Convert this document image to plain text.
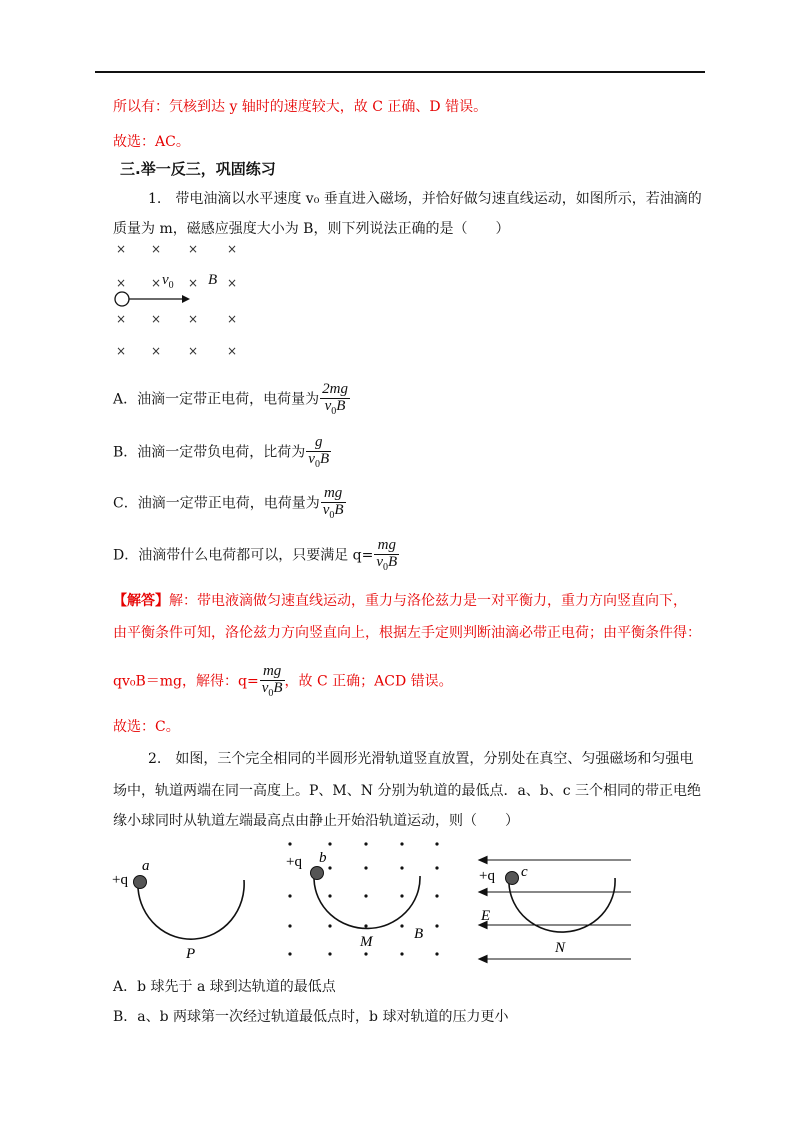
所以有：氕核到达 y 轴时的速度较大，故 C 正确、D 错误。
故选：AC。
三.举一反三，巩固练习
1.　带电油滴以水平速度 v₀ 垂直进入磁场，并恰好做匀速直线运动，如图所示，若油滴的
质量为 m，磁感应强度大小为 B，则下列说法正确的是（　　）
× × × ×
× × $v_0 \times B$ ×
× × × ×
× × × ×
A．油滴一定带正电荷，电荷量为 $\frac{2mg}{v_0B}$
B．油滴一定带负电荷，比荷为 $\frac{g}{v_0B}$
C．油滴一定带正电荷，电荷量为 $\frac{mg}{v_0B}$
D．油滴带什么电荷都可以，只要满足 $q= \frac{mg}{v_0B}$
【解答】解：带电液滴做匀速直线运动，重力与洛伦兹力是一对平衡力，重力方向竖直向下，
由平衡条件可知，洛伦兹力方向竖直向上，根据左手定则判断油滴必带正电荷；由平衡条件得：
qv₀B＝mg，解得：$q= \frac{mg}{v_0B}$ ，故 C 正确；ACD 错误。
故选：C。
2.　如图，三个完全相同的半圆形光滑轨道竖直放置，分别处在真空、匀强磁场和匀强电
场中，轨道两端在同一高度上。P、M、N 分别为轨道的最低点．a、b、c 三个相同的带正电绝
缘小球同时从轨道左端最高点由静止开始沿轨道运动，则（　　）
+q
a
P
+q b
M	B
+q c
E
N
A．b 球先于 a 球到达轨道的最低点
B．a、b 两球第一次经过轨道最低点时，b 球对轨道的压力更小
